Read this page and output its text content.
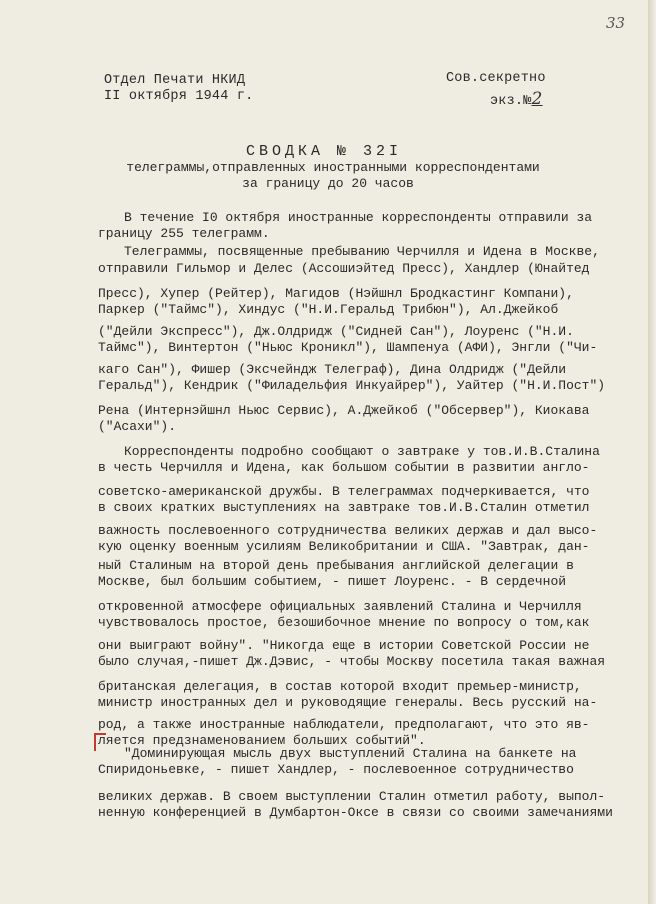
33
Отдел Печати НКИД
II октября 1944 г.
Сов.секретно
экз.№2
СВОДКА № 32I
телеграммы,отправленных иностранными корреспондентами
за границу до 20 часов
В течение I0 октября иностранные корреспонденты отправили за
границу 255 телеграмм.
Телеграммы, посвященные пребыванию Черчилля и Идена в Москве,
отправили Гильмор и Делес (Ассошиэйтед Пресс), Хандлер (Юнайтед
Пресс), Хупер (Рейтер), Магидов (Нэйшнл Бродкастинг Компани),
Паркер ("Таймс"), Хиндус ("Н.И.Геральд Трибюн"), Ал.Джейкоб
("Дейли Экспресс"), Дж.Олдридж ("Сидней Сан"), Лоуренс ("Н.И.
Таймс"), Винтертон ("Ньюс Кроникл"), Шампенуа (АФИ), Энгли ("Чи-
каго Сан"), Фишер (Эксчейндж Телеграф), Дина Олдридж ("Дейли
Геральд"), Кендрик ("Филадельфия Инкуайрер"), Уайтер ("Н.И.Пост")
Рена (Интернэйшнл Ньюс Сервис), А.Джейкоб ("Обсервер"), Киокава
("Асахи").
Корреспонденты подробно сообщают о завтраке у тов.И.В.Сталина
в честь Черчилля и Идена, как большом событии в развитии англо-
советско-американской дружбы. В телеграммах подчеркивается, что
в своих кратких выступлениях на завтраке тов.И.В.Сталин отметил
важность послевоенного сотрудничества великих держав и дал высо-
кую оценку военным усилиям Великобритании и США. "Завтрак, дан-
ный Сталиным на второй день пребывания английской делегации в
Москве, был большим событием, - пишет Лоуренс. - В сердечной
откровенной атмосфере официальных заявлений Сталина и Черчилля
чувствовалось простое, безошибочное мнение по вопросу о том,как
они выиграют войну". "Никогда еще в истории Советской России не
было случая,-пишет Дж.Дэвис, - чтобы Москву посетила такая важная
британская делегация, в состав которой входит премьер-министр,
министр иностранных дел и руководящие генералы. Весь русский на-
род, а также иностранные наблюдатели, предполагают, что это яв-
ляется предзнаменованием больших событий".
"Доминирующая мысль двух выступлений Сталина на банкете на
Спиридоньевке, - пишет Хандлер, - послевоенное сотрудничество
великих держав. В своем выступлении Сталин отметил работу, выпол-
ненную конференцией в Думбартон-Оксе в связи со своими замечаниями
